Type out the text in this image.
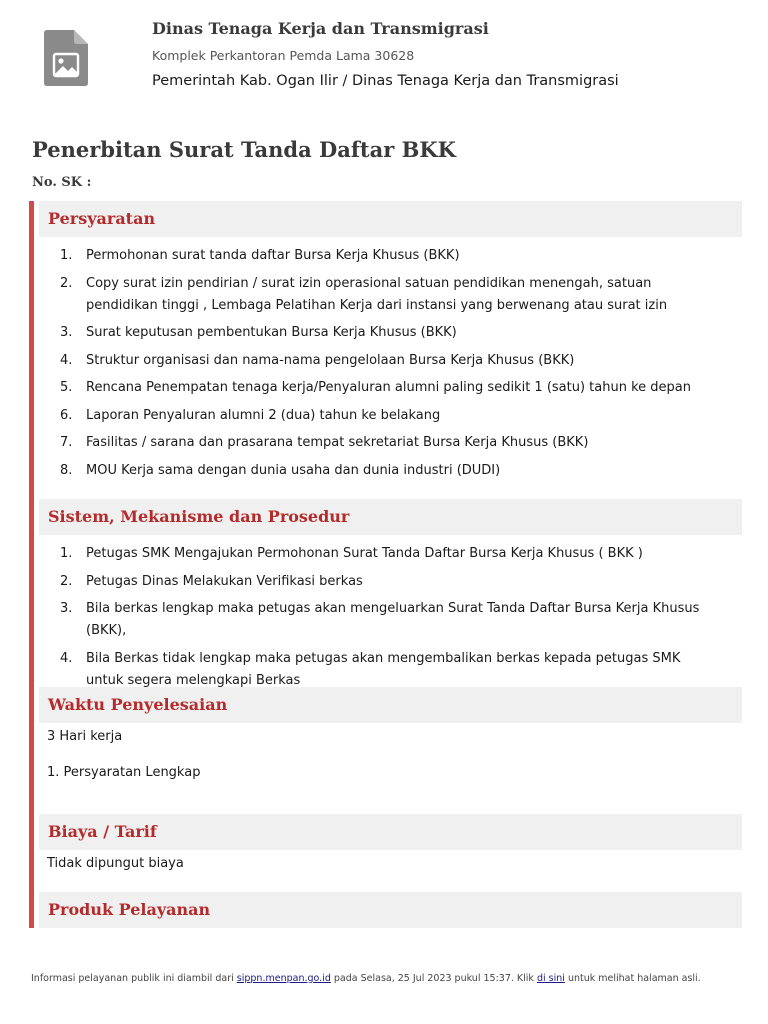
Dinas Tenaga Kerja dan Transmigrasi
Komplek Perkantoran Pemda Lama 30628
Pemerintah Kab. Ogan Ilir / Dinas Tenaga Kerja dan Transmigrasi
Penerbitan Surat Tanda Daftar BKK
No. SK :
Persyaratan
1.	Permohonan surat tanda daftar Bursa Kerja Khusus (BKK)
2.	Copy surat izin pendirian / surat izin operasional satuan pendidikan menengah, satuan pendidikan tinggi , Lembaga Pelatihan Kerja dari instansi yang berwenang atau surat izin
3.	Surat keputusan pembentukan Bursa Kerja Khusus (BKK)
4.	Struktur organisasi dan nama-nama pengelolaan Bursa Kerja Khusus (BKK)
5.	Rencana Penempatan tenaga kerja/Penyaluran alumni paling sedikit 1 (satu) tahun ke depan
6.	Laporan Penyaluran alumni 2 (dua) tahun ke belakang
7.	Fasilitas / sarana dan prasarana tempat sekretariat Bursa Kerja Khusus (BKK)
8.	MOU Kerja sama dengan dunia usaha dan dunia industri (DUDI)
Sistem, Mekanisme dan Prosedur
1.	Petugas SMK Mengajukan Permohonan Surat Tanda Daftar Bursa Kerja Khusus ( BKK )
2.	Petugas Dinas Melakukan Verifikasi berkas
3.	Bila berkas lengkap maka petugas akan mengeluarkan Surat Tanda Daftar Bursa Kerja Khusus (BKK),
4.	Bila Berkas tidak lengkap maka petugas akan mengembalikan berkas kepada petugas SMK untuk segera melengkapi Berkas
Waktu Penyelesaian
3 Hari kerja
1. Persyaratan Lengkap
Biaya / Tarif
Tidak dipungut biaya
Produk Pelayanan
Informasi pelayanan publik ini diambil dari sippn.menpan.go.id pada Selasa, 25 Jul 2023 pukul 15:37. Klik di sini untuk melihat halaman asli.
